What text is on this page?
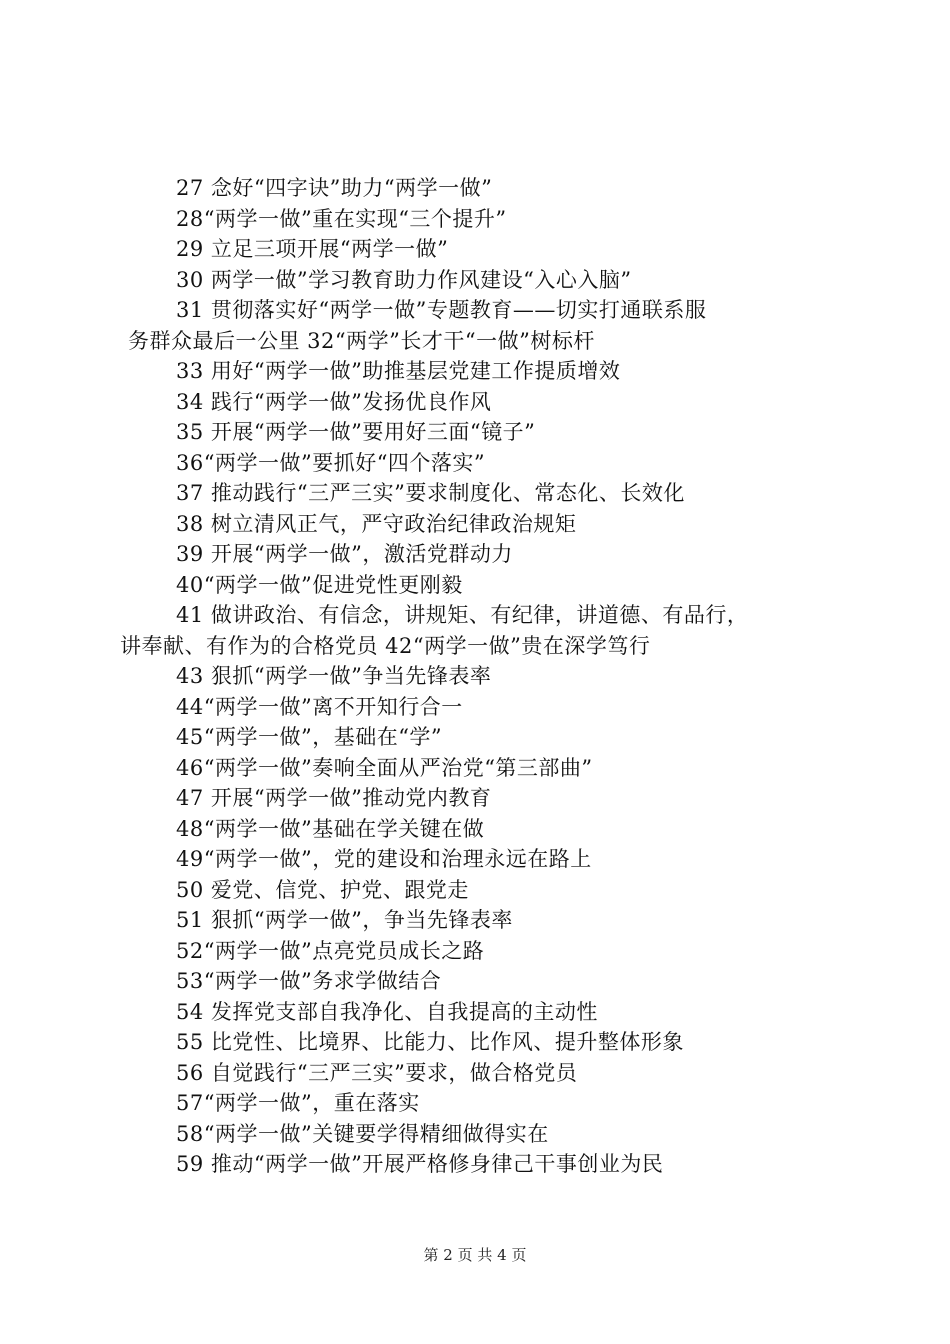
27 念好“四字诀”助力“两学一做”
28“两学一做”重在实现“三个提升”
29 立足三项开展“两学一做”
30 两学一做”学习教育助力作风建设“入心入脑”
31 贯彻落实好“两学一做”专题教育——切实打通联系服
务群众最后一公里 32“两学”长才干“一做”树标杆
33 用好“两学一做”助推基层党建工作提质增效
34 践行“两学一做”发扬优良作风
35 开展“两学一做”要用好三面“镜子”
36“两学一做”要抓好“四个落实”
37 推动践行“三严三实”要求制度化、常态化、长效化
38 树立清风正气，严守政治纪律政治规矩
39 开展“两学一做”，激活党群动力
40“两学一做”促进党性更刚毅
41 做讲政治、有信念，讲规矩、有纪律，讲道德、有品行，
讲奉献、有作为的合格党员 42“两学一做”贵在深学笃行
43 狠抓“两学一做”争当先锋表率
44“两学一做”离不开知行合一
45“两学一做”，基础在“学”
46“两学一做”奏响全面从严治党“第三部曲”
47 开展“两学一做”推动党内教育
48“两学一做”基础在学关键在做
49“两学一做”，党的建设和治理永远在路上
50 爱党、信党、护党、跟党走
51 狠抓“两学一做”，争当先锋表率
52“两学一做”点亮党员成长之路
53“两学一做”务求学做结合
54 发挥党支部自我净化、自我提高的主动性
55 比党性、比境界、比能力、比作风、提升整体形象
56 自觉践行“三严三实”要求，做合格党员
57“两学一做”，重在落实
58“两学一做”关键要学得精细做得实在
59 推动“两学一做”开展严格修身律己干事创业为民
第 2 页 共 4 页
